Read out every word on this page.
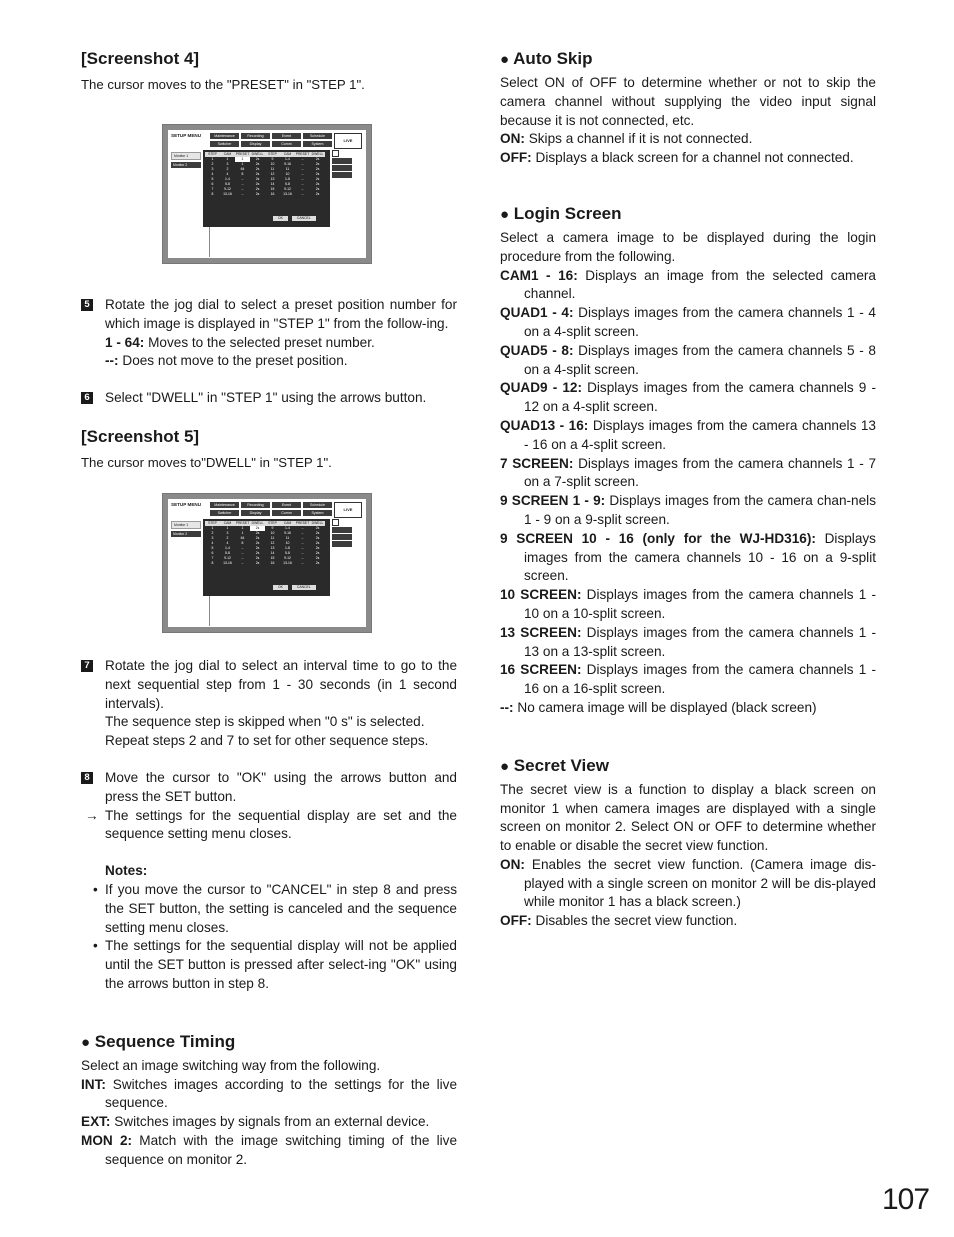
[Screenshot 4]

The cursor moves to the "PRESET" in "STEP 1".

SETUP MENU	Maintenance	Recording	Event	Schedule
Switcher	Display	Comm	System
LIVE
Monitor 1
Monitor 2
STEP	CAM	PRESET	DWELL	STEP	CAM	PRESET	DWELL
1	1	1	2s	9	1-4	--	2s
2	3	1	2s	10	9-16	--	2s
3	2	64	2s	11	11	--	2s
4	4	8	2s	12	10	--	2s
5	1-4	--	2s	13	1-8	--	2s
6	5-8	--	2s	14	5-8	--	2s
7	9-12	--	2s	15	9-12	--	2s
8	13-16	--	2s	16	13-16	--	2s
OK	CANCEL
5 Rotate the jog dial to select a preset position number for which image is displayed in "STEP 1" from the follow-ing.
1 - 64: Moves to the selected preset number.
--: Does not move to the preset position.
6 Select "DWELL" in "STEP 1" using the arrows button.
[Screenshot 5]

The cursor moves to"DWELL" in "STEP 1".

SETUP MENU	Maintenance	Recording	Event	Schedule
Switcher	Display	Comm	System
LIVE
Monitor 1
Monitor 2
STEP	CAM	PRESET	DWELL	STEP	CAM	PRESET	DWELL
1	1	1	2s	9	1-4	--	2s
2	3	1	2s	10	9-16	--	2s
3	2	64	2s	11	11	--	2s
4	4	8	2s	12	10	--	2s
5	1-4	--	2s	13	1-8	--	2s
6	5-8	--	2s	14	5-8	--	2s
7	9-12	--	2s	15	9-12	--	2s
8	13-16	--	2s	16	13-16	--	2s
OK	CANCEL
7 Rotate the jog dial to select an interval time to go to the next sequential step from 1 - 30 seconds (in 1 second intervals).
The sequence step is skipped when "0 s" is selected.
Repeat steps 2 and 7 to set for other sequence steps.
8 Move the cursor to "OK" using the arrows button and press the SET button.
→ The settings for the sequential display are set and the sequence setting menu closes.

Notes:

• If you move the cursor to "CANCEL" in step 8 and press the SET button, the setting is canceled and the sequence setting menu closes.
• The settings for the sequential display will not be applied until the SET button is pressed after select-ing "OK" using the arrows button in step 8.
● Sequence Timing

Select an image switching way from the following.

INT: Switches images according to the settings for the live sequence.

EXT: Switches images by signals from an external device.

MON 2: Match with the image switching timing of the live sequence on monitor 2.

● Auto Skip

Select ON of OFF to determine whether or not to skip the camera channel without supplying the video input signal because it is not connected, etc.

ON: Skips a channel if it is not connected.

OFF: Displays a black screen for a channel not connected.

● Login Screen

Select a camera image to be displayed during the login procedure from the following.

CAM1 - 16: Displays an image from the selected camera channel.

QUAD1 - 4: Displays images from the camera channels 1 - 4 on a 4-split screen.

QUAD5 - 8: Displays images from the camera channels 5 - 8 on a 4-split screen.

QUAD9 - 12: Displays images from the camera channels 9 - 12 on a 4-split screen.

QUAD13 - 16: Displays images from the camera channels 13 - 16 on a 4-split screen.

7 SCREEN: Displays images from the camera channels 1 - 7 on a 7-split screen.

9 SCREEN 1 - 9: Displays images from the camera chan-nels 1 - 9 on a 9-split screen.

9 SCREEN 10 - 16 (only for the WJ-HD316): Displays images from the camera channels 10 - 16 on a 9-split screen.

10 SCREEN: Displays images from the camera channels 1 - 10 on a 10-split screen.

13 SCREEN: Displays images from the camera channels 1 - 13 on a 13-split screen.

16 SCREEN: Displays images from the camera channels 1 - 16 on a 16-split screen.

--: No camera image will be displayed (black screen)

● Secret View

The secret view is a function to display a black screen on monitor 1 when camera images are displayed with a single screen on monitor 2. Select ON or OFF to determine whether to enable or disable the secret view function.

ON: Enables the secret view function. (Camera image dis-played with a single screen on monitor 2 will be dis-played while monitor 1 has a black screen.)

OFF: Disables the secret view function.

107
